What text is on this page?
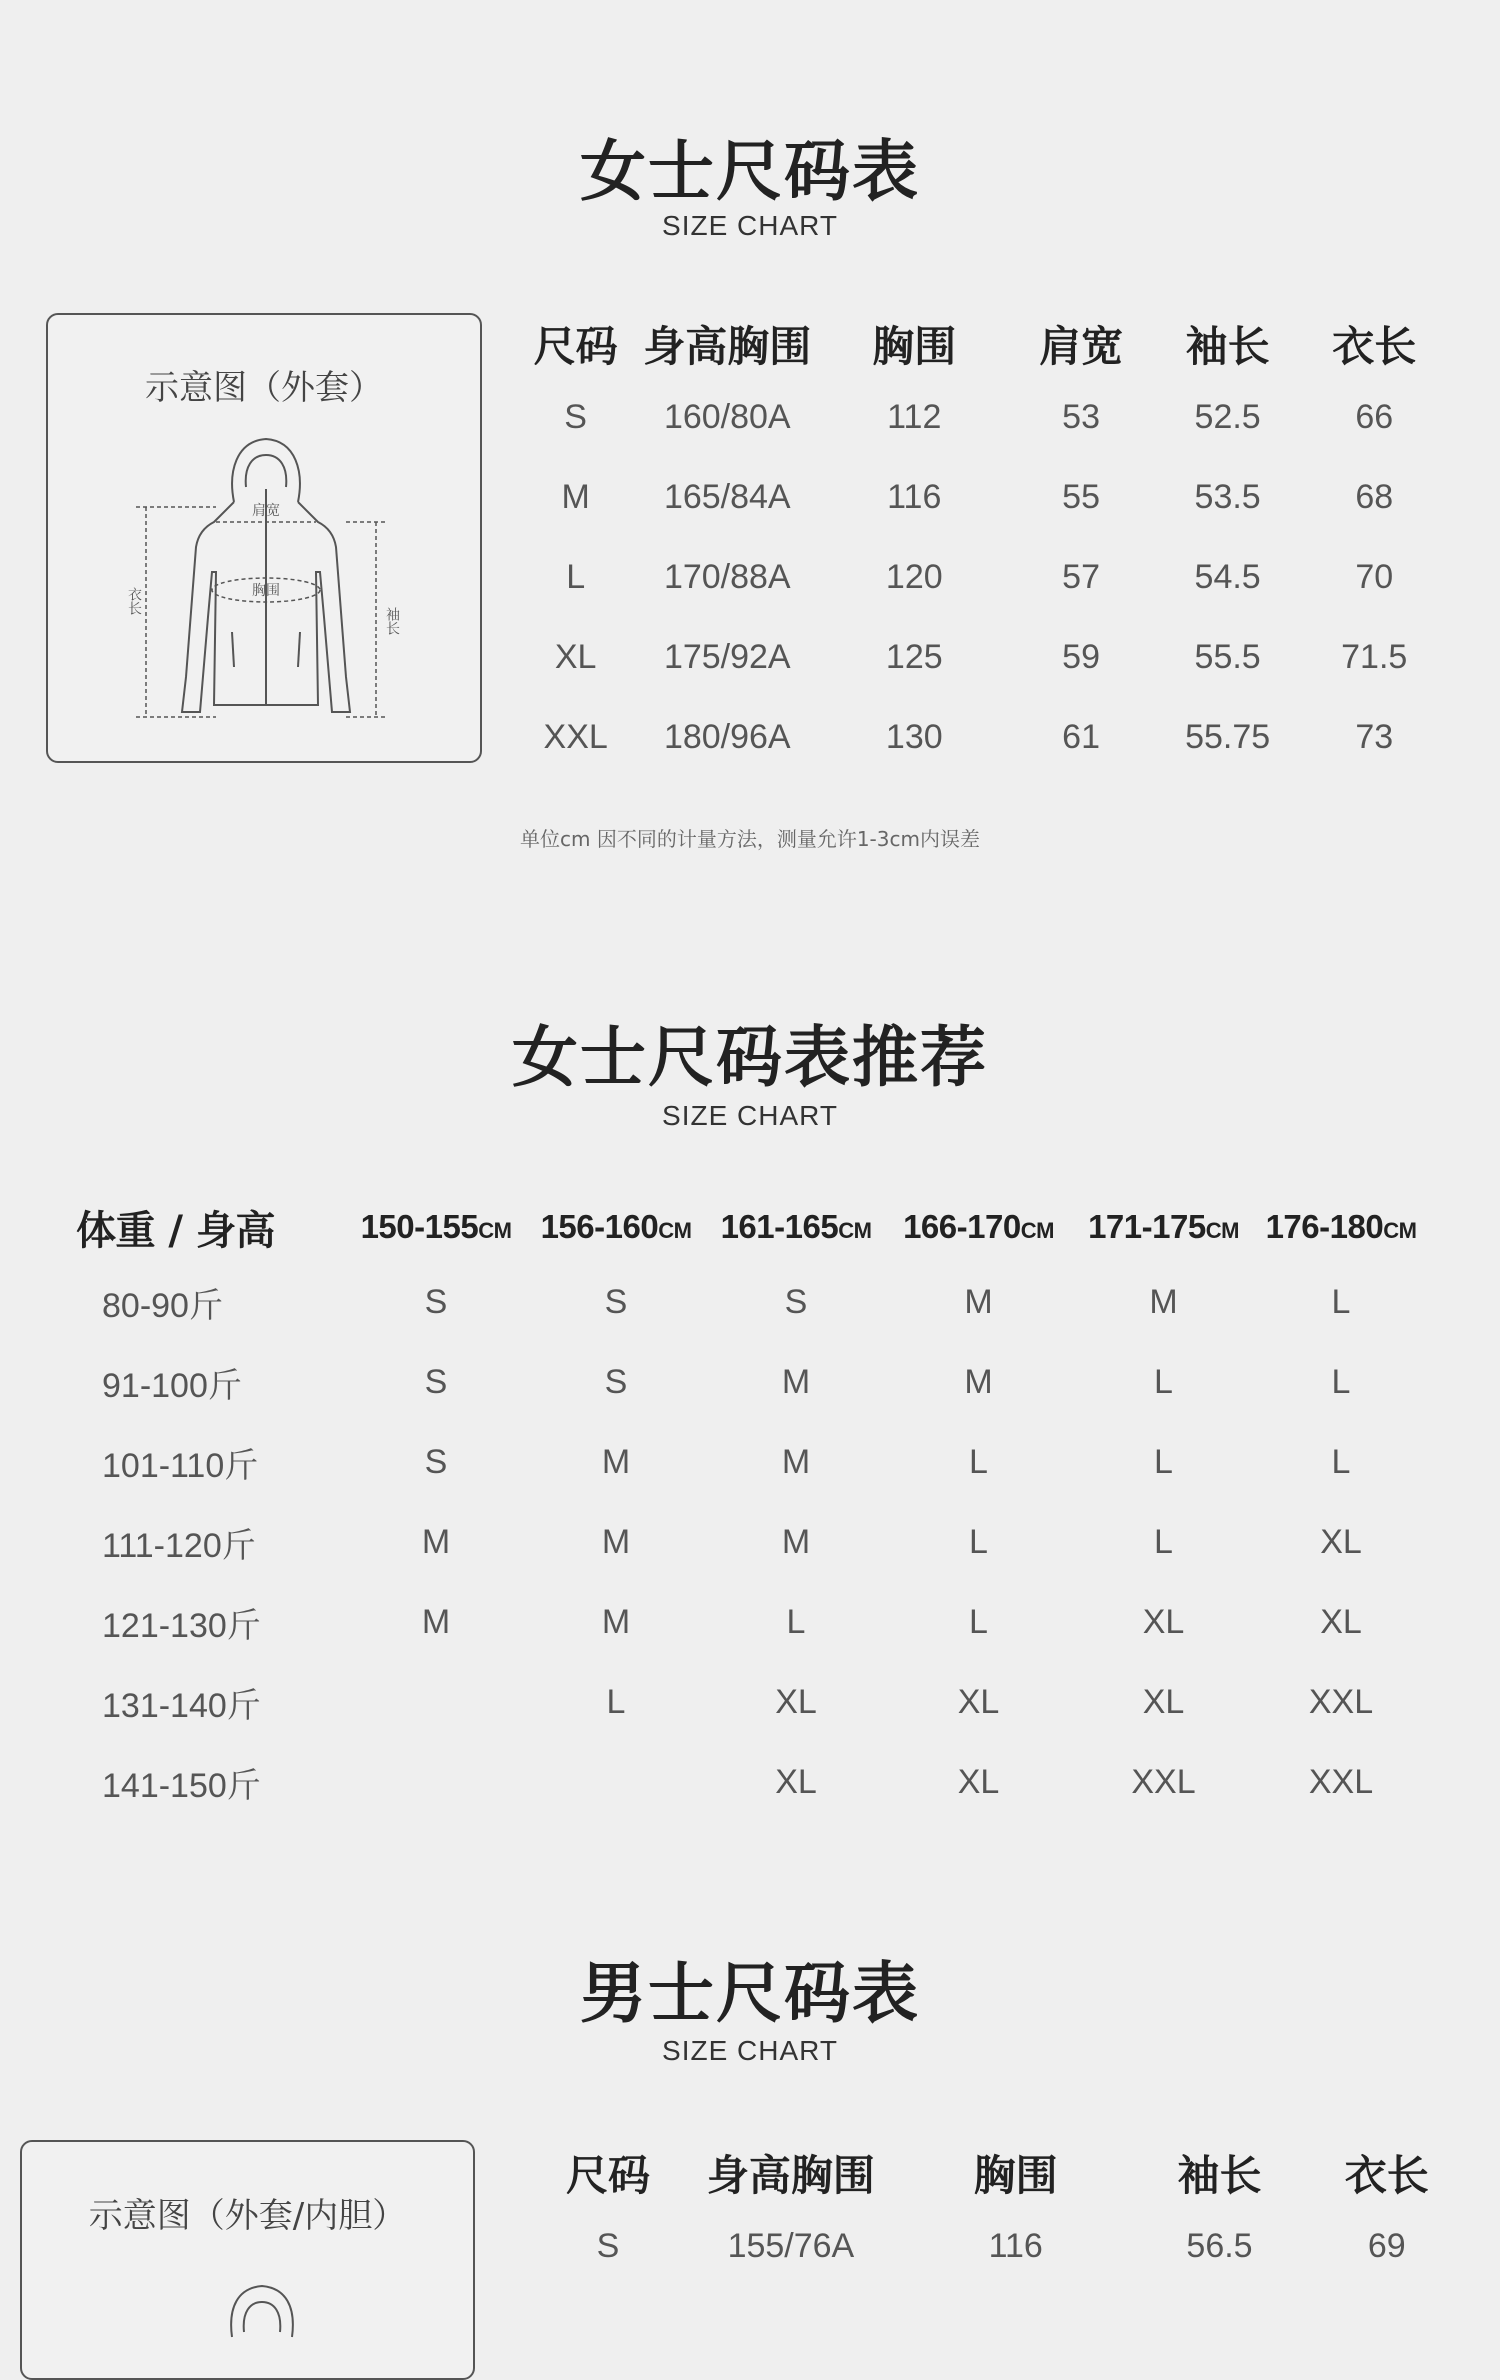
女士尺码表
SIZE CHART
示意图（外套）
肩宽
胸围
衣长
袖长
尺码	身高胸围	胸围	肩宽	袖长	衣长
S	160/80A	112	53	52.5	66
M	165/84A	116	55	53.5	68
L	170/88A	120	57	54.5	70
XL	175/92A	125	59	55.5	71.5
XXL	180/96A	130	61	55.75	73
单位cm 因不同的计量方法，测量允许1-3cm内误差
女士尺码表推荐
SIZE CHART
体重 / 身高	150-155CM	156-160CM	161-165CM	166-170CM	171-175CM	176-180CM
80-90斤	S	S	S	M	M	L
91-100斤	S	S	M	M	L	L
101-110斤	S	M	M	L	L	L
111-120斤	M	M	M	L	L	XL
121-130斤	M	M	L	L	XL	XL
131-140斤		L	XL	XL	XL	XXL
141-150斤			XL	XL	XXL	XXL
男士尺码表
SIZE CHART
示意图（外套/内胆）
尺码	身高胸围	胸围	袖长	衣长
S	155/76A	116	56.5	69
